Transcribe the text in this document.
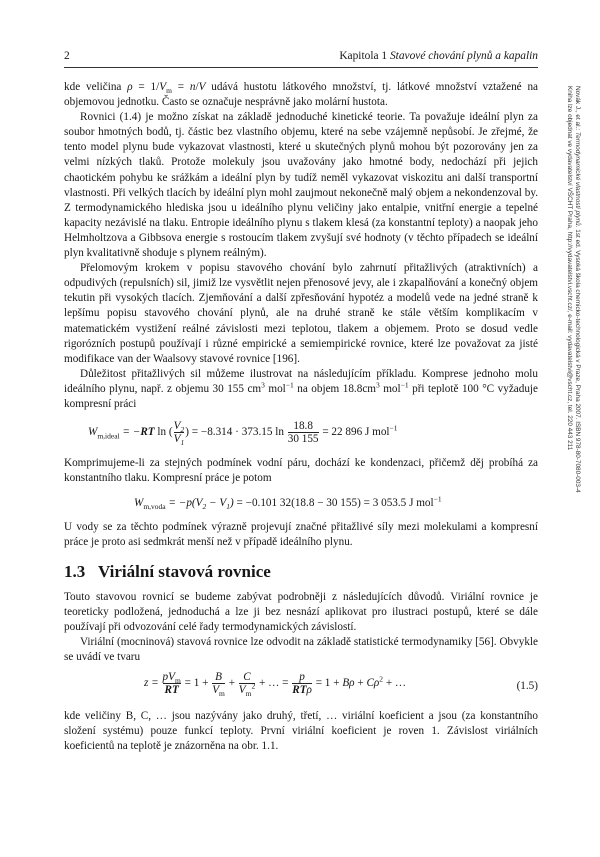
2	Kapitola 1 Stavové chování plynů a kapalin
Novák J., et al.: Termodynamické vlastnosti plynů. 1st ed. Vysoká škola chemicko-technologická v Praze, Praha 2007. ISBN 978-80-7080-003-4
Kniha lze objednat ve vydavatelství VŠCHT Praha, http://vydavatelstvi.vscht.cz/, e-mail: vydavatelstvi@vscht.cz, tel. 220 443 211

kde veličina $\rho = 1/V_m = n/V$ udává hustotu látkového množství, tj. látkové množství vztažené na objemovou jednotku. Často se označuje nesprávně jako molární hustota.

Rovnici (1.4) je možno získat na základě jednoduché kinetické teorie. Ta považuje ideální plyn za soubor hmotných bodů, tj. částic bez vlastního objemu, které na sebe vzájemně nepůsobí. Je zřejmé, že tento model plynu bude vykazovat vlastnosti, které u skutečných plynů mohou být pozorovány jen za velmi nízkých tlaků. Protože molekuly jsou uvažovány jako hmotné body, nedochází při jejich chaotickém pohybu ke srážkám a ideální plyn by tudíž neměl vykazovat viskozitu ani další transportní vlastnosti. Při velkých tlacích by ideální plyn mohl zaujmout nekonečně malý objem a nekondenzoval by. Z termodynamického hlediska jsou u ideálního plynu veličiny jako entalpie, vnitřní energie a tepelné kapacity nezávislé na tlaku. Entropie ideálního plynu s tlakem klesá (za konstantní teploty) a naopak jeho Helmholtzova a Gibbsova energie s rostoucím tlakem zvyšují své hodnoty (v těchto případech se ideální plyn kvalitativně shoduje s plynem reálným).

Přelomovým krokem v popisu stavového chování bylo zahrnutí přitažlivých (atraktivních) a odpudivých (repulsních) sil, jimiž lze vysvětlit nejen přenosové jevy, ale i zkapalňování a konečný objem tekutin při vysokých tlacích. Zjemňování a další zpřesňování hypotéz a modelů vede na jedné straně k lepšímu popisu stavového chování plynů, ale na druhé straně ke stále větším komplikacím v matematickém vystižení reálné závislosti mezi teplotou, tlakem a objemem. Proto se dosud vedle rigorózních postupů používají i různé empirické a semiempirické rovnice, které lze považovat za jisté modifikace van der Waalsovy stavové rovnice [196].

Důležitost přitažlivých sil můžeme ilustrovat na následujícím příkladu. Komprese jednoho molu ideálního plynu, např. z objemu 30 155 $cm^3$ mol$^{-1}$ na objem $18.8cm^3$ mol$^{-1}$ při teplotě 100 °C vyžaduje kompresní práci

$W_{m,ideal} = -RT$ ln ( $\frac{V_2}{V_1}$ ) = −8.314 · 373.15 $\ln \frac{18.8}{30 155} = 22$ 896 J mol$^{-1}$

Komprimujeme-li za stejných podmínek vodní páru, dochází ke kondenzaci, přičemž děj probíhá za konstantního tlaku. Kompresní práce je potom

$W_{m,voda} = -p(V_2 - V_1) = -0.101$ 32(18.8 − 30 155) = 3 053.5 J mol$^{-1}$

U vody se za těchto podmínek výrazně projevují značné přitažlivé síly mezi molekulami a kompresní práce je proto asi sedmkrát menší než v případě ideálního plynu.

1.3 Viriální stavová rovnice

Touto stavovou rovnicí se budeme zabývat podrobněji z následujících důvodů. Viriální rovnice je teoreticky podložená, jednoduchá a lze ji bez nesnází aplikovat pro ilustraci postupů, které se dále používají při odvozování celé řady termodynamických závislostí.

Viriální (mocninová) stavová rovnice lze odvodit na základě statistické termodynamiky [56]. Obvykle se uvádí ve tvaru

$z = \frac{pV_m}{RT} = 1 + \frac{B}{V_m} + \frac{C}{V_m^2}$ + … = $\frac{p}{\text{RTρ}} = 1 + B\rho + C\rho^2$ + …	(1.5)

kde veličiny B, C, … jsou nazývány jako druhý, třetí, … viriální koeficient a jsou (za konstantního složení systému) pouze funkcí teploty. První viriální koeficient je roven 1. Závislost viriálních koeficientů na teplotě je znázorněna na obr. 1.1.
